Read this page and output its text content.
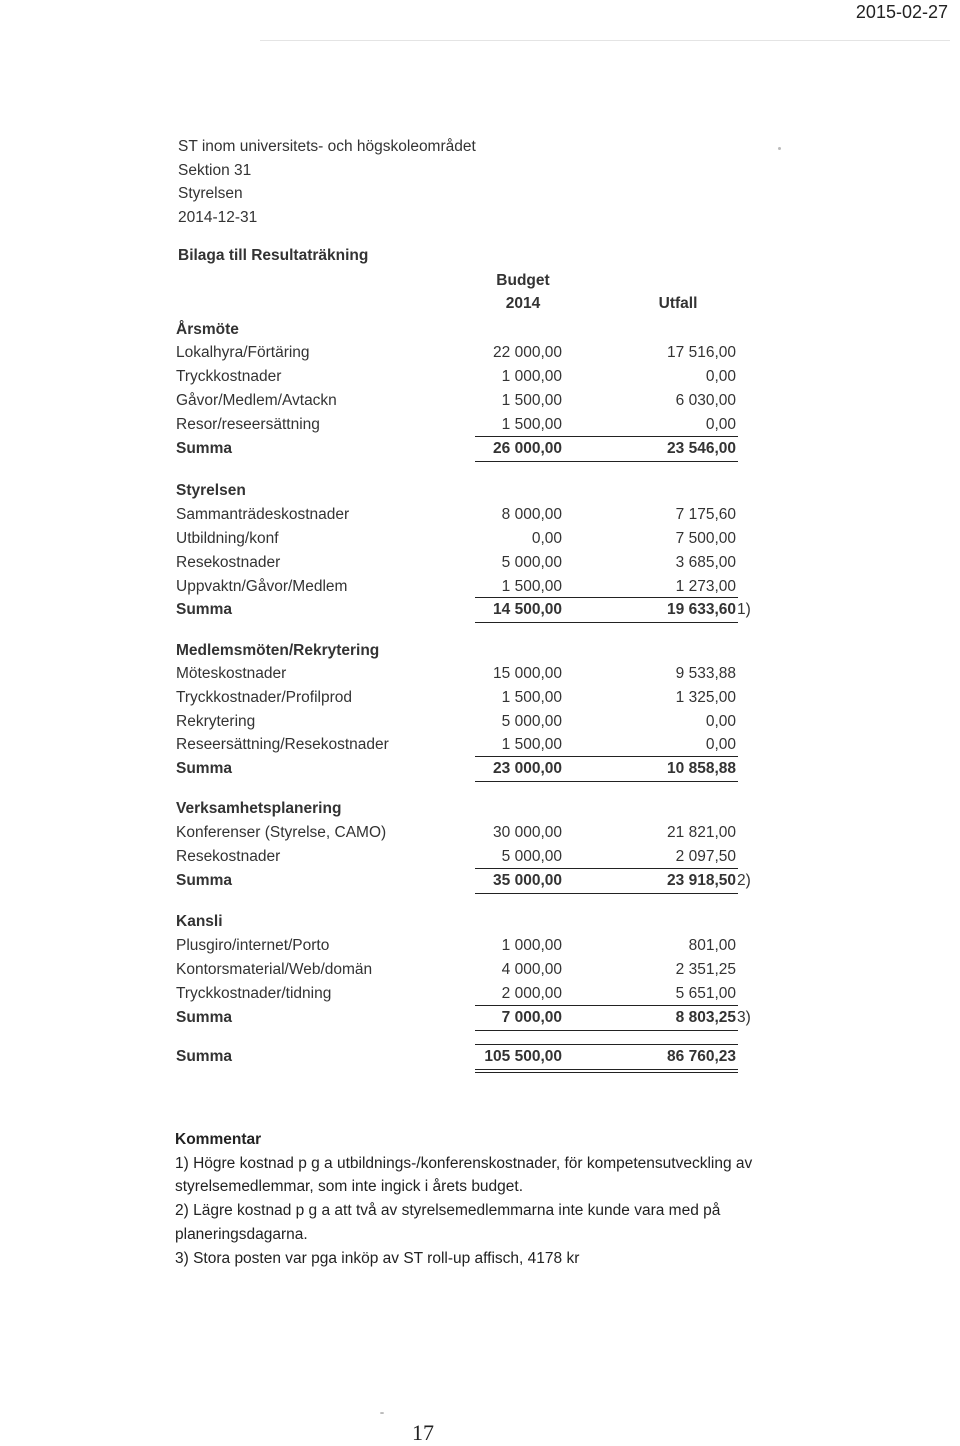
2015-02-27
ST inom universitets- och högskoleområdet
Sektion 31
Styrelsen
2014-12-31
Bilaga till Resultaträkning
Budget
2014	Utfall
Årsmöte
Lokalhyra/Förtäring	22 000,00	17 516,00
Tryckkostnader	1 000,00	0,00
Gåvor/Medlem/Avtackn	1 500,00	6 030,00
Resor/reseersättning	1 500,00	0,00
Summa	26 000,00	23 546,00
Styrelsen
Sammanträdeskostnader	8 000,00	7 175,60
Utbildning/konf	0,00	7 500,00
Resekostnader	5 000,00	3 685,00
Uppvaktn/Gåvor/Medlem	1 500,00	1 273,00
Summa	14 500,00	19 633,60 1)
Medlemsmöten/Rekrytering
Möteskostnader	15 000,00	9 533,88
Tryckkostnader/Profilprod	1 500,00	1 325,00
Rekrytering	5 000,00	0,00
Reseersättning/Resekostnader	1 500,00	0,00
Summa	23 000,00	10 858,88
Verksamhetsplanering
Konferenser (Styrelse, CAMO)	30 000,00	21 821,00
Resekostnader	5 000,00	2 097,50
Summa	35 000,00	23 918,50 2)
Kansli
Plusgiro/internet/Porto	1 000,00	801,00
Kontorsmaterial/Web/domän	4 000,00	2 351,25
Tryckkostnader/tidning	2 000,00	5 651,00
Summa	7 000,00	8 803,25 3)
Summa	105 500,00	86 760,23
Kommentar
1) Högre kostnad p g a utbildnings-/konferenskostnader, för kompetensutveckling av styrelsemedlemmar, som inte ingick i årets budget.
2) Lägre kostnad p g a att två av styrelsemedlemmarna inte kunde vara med på planeringsdagarna.
3) Stora posten var pga inköp av ST roll-up affisch, 4178 kr
17
